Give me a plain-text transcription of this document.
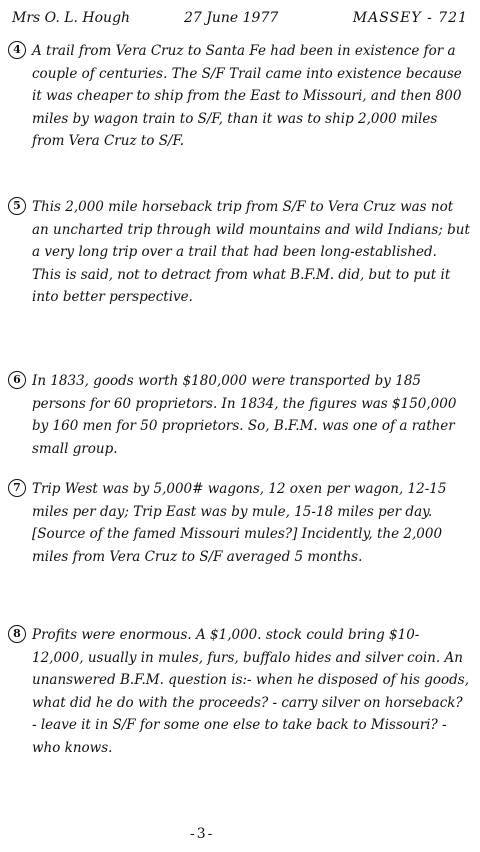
Mrs O. L. Hough	27 June 1977	MASSEY - 721
4 A trail from Vera Cruz to Santa Fe had been in existence for a couple of centuries. The S/F Trail came into existence because it was cheaper to ship from the East to Missouri, and then 800 miles by wagon train to S/F, than it was to ship 2,000 miles from Vera Cruz to S/F.
5 This 2,000 mile horseback trip from S/F to Vera Cruz was not an uncharted trip through wild mountains and wild Indians; but a very long trip over a trail that had been long-established. This is said, not to detract from what B.F.M. did, but to put it into better perspective.
6 In 1833, goods worth $180,000 were transported by 185 persons for 60 proprietors. In 1834, the figures was $150,000 by 160 men for 50 proprietors. So, B.F.M. was one of a rather small group.
7 Trip West was by 5,000# wagons, 12 oxen per wagon, 12-15 miles per day; Trip East was by mule, 15-18 miles per day. [Source of the famed Missouri mules?] Incidently, the 2,000 miles from Vera Cruz to S/F averaged 5 months.
8 Profits were enormous. A $1,000. stock could bring $10-12,000, usually in mules, furs, buffalo hides and silver coin. An unanswered B.F.M. question is:- when he disposed of his goods, what did he do with the proceeds? - carry silver on horseback? - leave it in S/F for some one else to take back to Missouri? - who knows.
-3-
